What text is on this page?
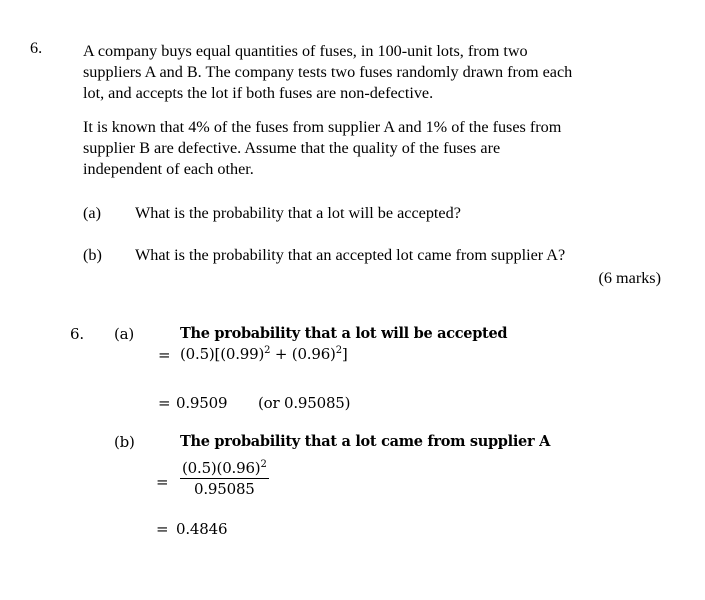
6.	A company buys equal quantities of fuses, in 100-unit lots, from two
suppliers A and B. The company tests two fuses randomly drawn from each
lot, and accepts the lot if both fuses are non-defective.
It is known that 4% of the fuses from supplier A and 1% of the fuses from
supplier B are defective. Assume that the quality of the fuses are
independent of each other.
(a) What is the probability that a lot will be accepted?
(b) What is the probability that an accepted lot came from supplier A?
(6 marks)
6. (a)	The probability that a lot will be accepted
= $(0.5)[(0.99)^2 + (0.96)^2]$
= 0.9509 (or 0.95085)
(b)	The probability that a lot came from supplier A
=
$(0.5)(0.96)^2$
0.95085
= 0.4846
